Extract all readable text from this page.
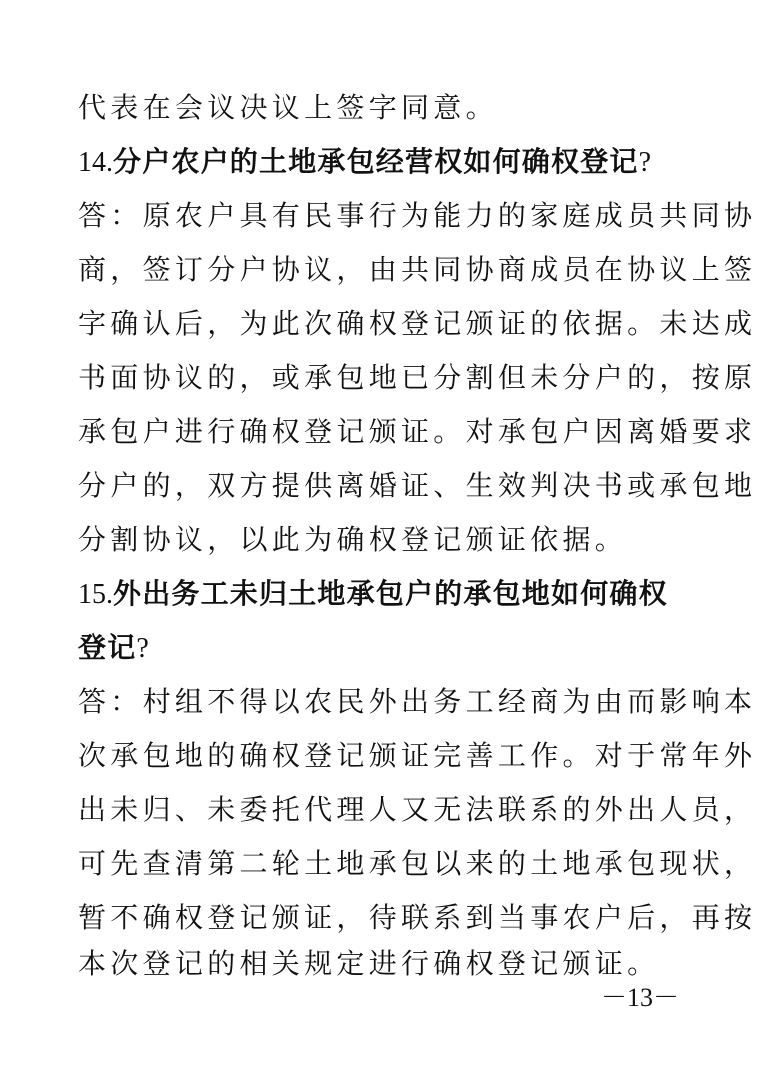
代表在会议决议上签字同意。
14.分户农户的土地承包经营权如何确权登记?
答：原农户具有民事行为能力的家庭成员共同协
商，签订分户协议，由共同协商成员在协议上签
字确认后，为此次确权登记颁证的依据。未达成
书面协议的，或承包地已分割但未分户的，按原
承包户进行确权登记颁证。对承包户因离婚要求
分户的，双方提供离婚证、生效判决书或承包地
分割协议，以此为确权登记颁证依据。
15.外出务工未归土地承包户的承包地如何确权
登记?
答：村组不得以农民外出务工经商为由而影响本
次承包地的确权登记颁证完善工作。对于常年外
出未归、未委托代理人又无法联系的外出人员，
可先查清第二轮土地承包以来的土地承包现状，
暂不确权登记颁证，待联系到当事农户后，再按
本次登记的相关规定进行确权登记颁证。
－13－
